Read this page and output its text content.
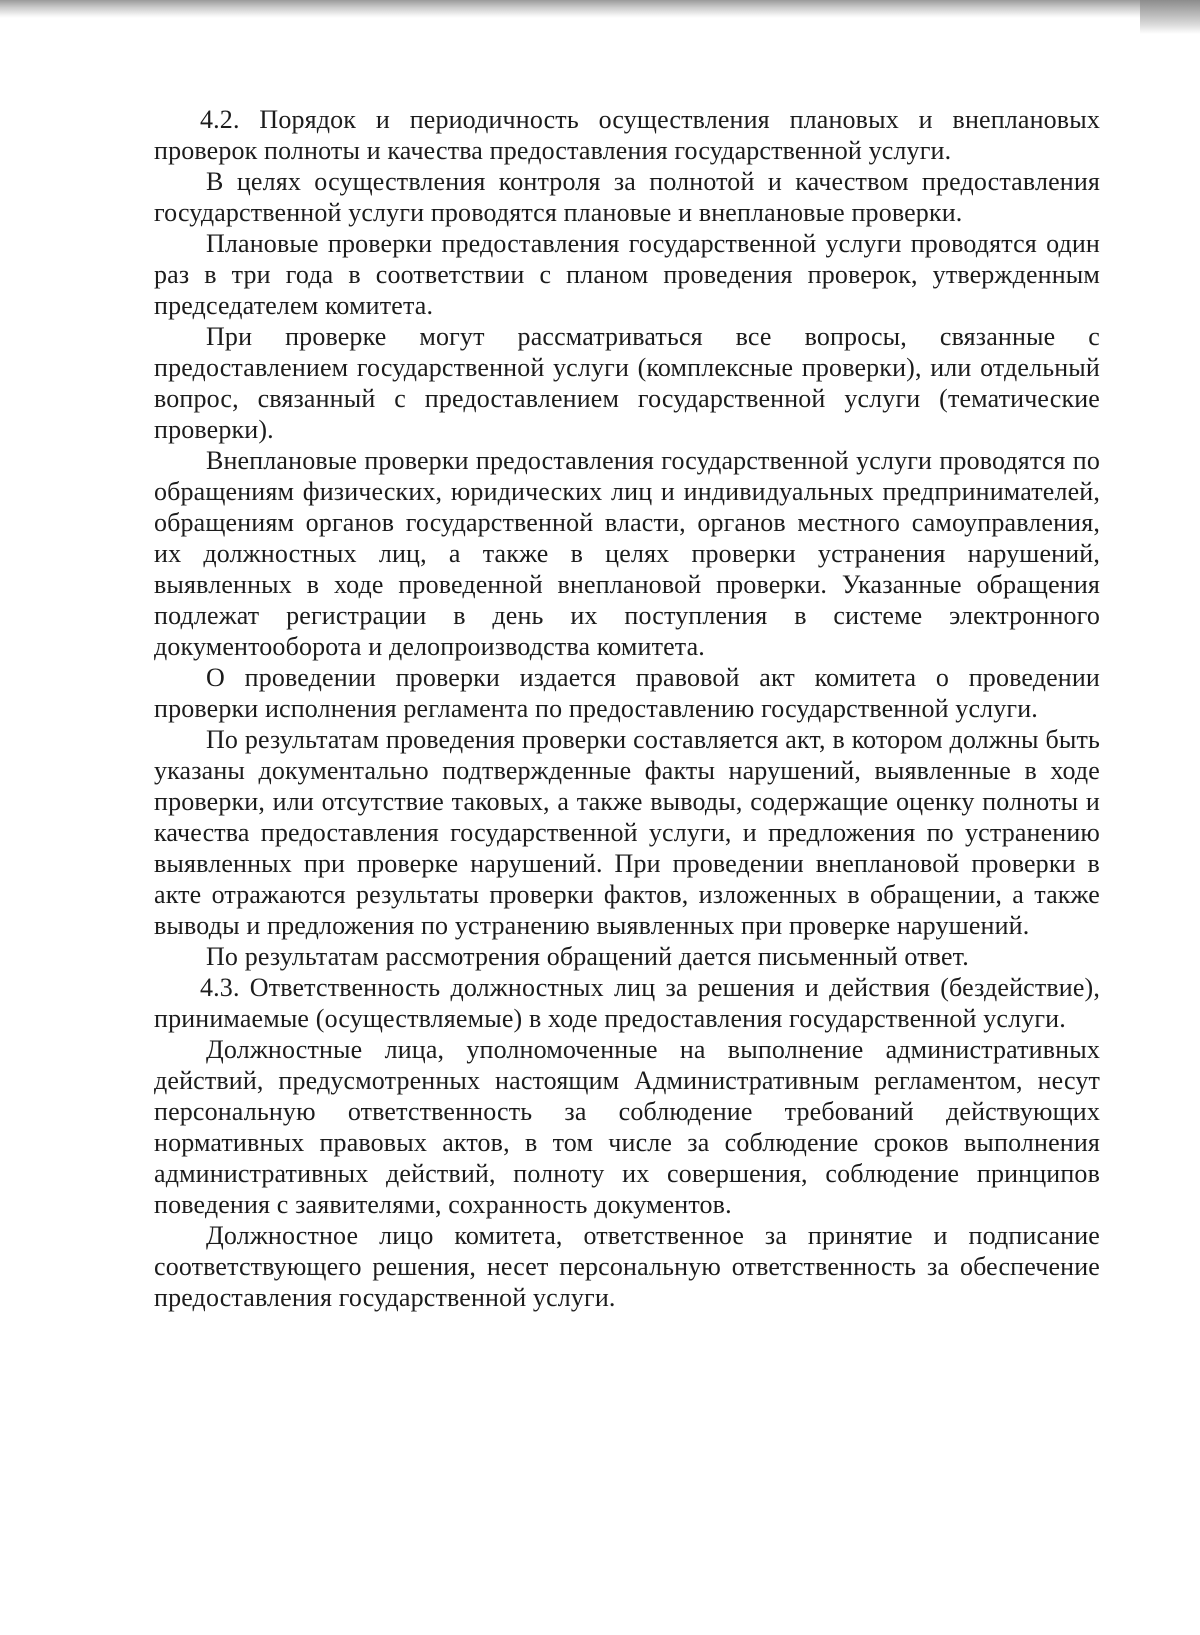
4.2. Порядок и периодичность осуществления плановых и внеплановых проверок полноты и качества предоставления государственной услуги.

В целях осуществления контроля за полнотой и качеством предоставления государственной услуги проводятся плановые и внеплановые проверки.

Плановые проверки предоставления государственной услуги проводятся один раз в три года в соответствии с планом проведения проверок, утвержденным председателем комитета.

При проверке могут рассматриваться все вопросы, связанные с предоставлением государственной услуги (комплексные проверки), или отдельный вопрос, связанный с предоставлением государственной услуги (тематические проверки).

Внеплановые проверки предоставления государственной услуги проводятся по обращениям физических, юридических лиц и индивидуальных предпринимателей, обращениям органов государственной власти, органов местного самоуправления, их должностных лиц, а также в целях проверки устранения нарушений, выявленных в ходе проведенной внеплановой проверки. Указанные обращения подлежат регистрации в день их поступления в системе электронного документооборота и делопроизводства комитета.

О проведении проверки издается правовой акт комитета о проведении проверки исполнения регламента по предоставлению государственной услуги.

По результатам проведения проверки составляется акт, в котором должны быть указаны документально подтвержденные факты нарушений, выявленные в ходе проверки, или отсутствие таковых, а также выводы, содержащие оценку полноты и качества предоставления государственной услуги, и предложения по устранению выявленных при проверке нарушений. При проведении внеплановой проверки в акте отражаются результаты проверки фактов, изложенных в обращении, а также выводы и предложения по устранению выявленных при проверке нарушений.

По результатам рассмотрения обращений дается письменный ответ.

4.3. Ответственность должностных лиц за решения и действия (бездействие), принимаемые (осуществляемые) в ходе предоставления государственной услуги.

Должностные лица, уполномоченные на выполнение административных действий, предусмотренных настоящим Административным регламентом, несут персональную ответственность за соблюдение требований действующих нормативных правовых актов, в том числе за соблюдение сроков выполнения административных действий, полноту их совершения, соблюдение принципов поведения с заявителями, сохранность документов.

Должностное лицо комитета, ответственное за принятие и подписание соответствующего решения, несет персональную ответственность за обеспечение предоставления государственной услуги.
